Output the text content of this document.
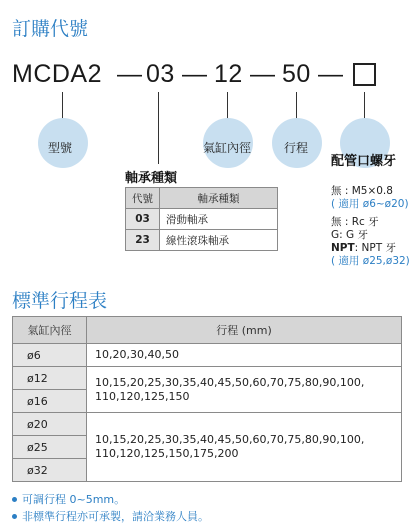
訂購代號
MCDA2 — 03 — 12 — 50 —
型號	氣缸內徑	行程
配管口螺牙
軸承種類
代號	軸承種類
03	滑動軸承
23	線性滾珠軸承
無 : M5×0.8
( 適用 ø6~ø20)
無 : Rc 牙
G: G 牙
NPT: NPT 牙
( 適用 ø25,ø32)
標準行程表
氣缸內徑	行程 (mm)
ø6	10,20,30,40,50
ø12	10,15,20,25,30,35,40,45,50,60,70,75,80,90,100,
110,120,125,150
ø16	
ø20	10,15,20,25,30,35,40,45,50,60,70,75,80,90,100,
110,120,125,150,175,200
ø25	
ø32	
可調行程 0~5mm。
非標準行程亦可承製，請洽業務人員。
